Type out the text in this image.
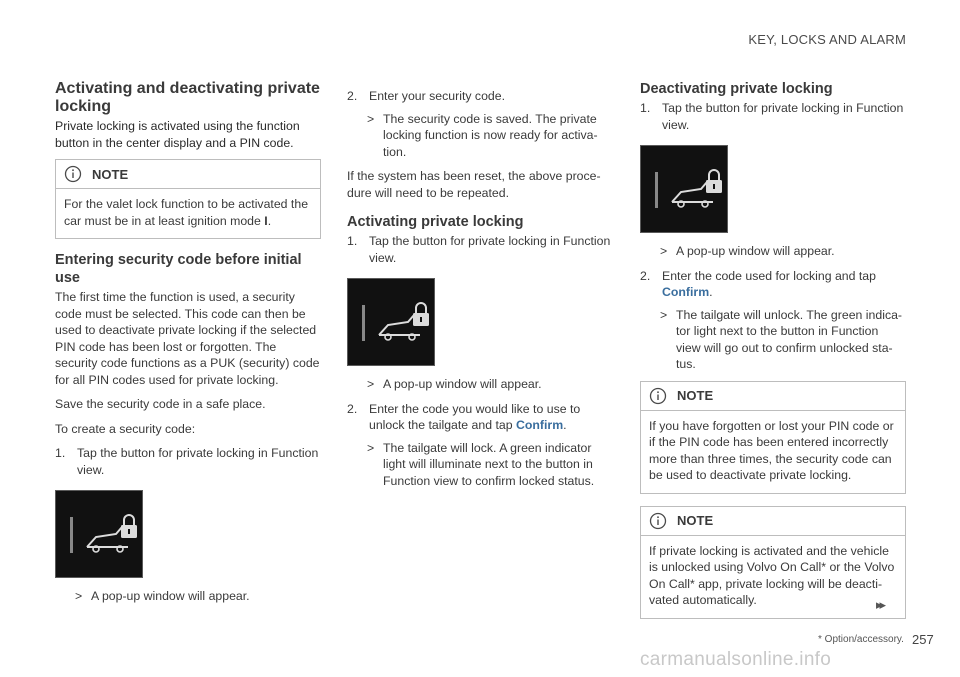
KEY, LOCKS AND ALARM
Activating and deactivating private
locking
Private locking is activated using the function button in the center display and a PIN code.
NOTE
For the valet lock function to be activated the car must be in at least ignition mode I.
Entering security code before initial use
The first time the function is used, a security code must be selected. This code can then be used to deactivate private locking if the selected PIN code has been lost or forgotten. The security code functions as a PUK (security) code for all PIN codes used for private locking.
Save the security code in a safe place.
To create a security code:
1. Tap the button for private locking in Function view.
> A pop-up window will appear.
2. Enter your security code.
> The security code is saved. The private locking function is now ready for activa-tion.
If the system has been reset, the above proce-dure will need to be repeated.
Activating private locking
1. Tap the button for private locking in Function view.
> A pop-up window will appear.
2. Enter the code you would like to use to unlock the tailgate and tap Confirm.
> The tailgate will lock. A green indicator light will illuminate next to the button in Function view to confirm locked status.
Deactivating private locking
1. Tap the button for private locking in Function view.
> A pop-up window will appear.
2. Enter the code used for locking and tap Confirm.
> The tailgate will unlock. The green indica-tor light next to the button in Function view will go out to confirm unlocked sta-tus.
NOTE
If you have forgotten or lost your PIN code or if the PIN code has been entered incorrectly more than three times, the security code can be used to deactivate private locking.
NOTE
If private locking is activated and the vehicle is unlocked using Volvo On Call* or the Volvo On Call* app, private locking will be deacti-vated automatically.	▸▸
* Option/accessory. 257
carmanualsonline.info
